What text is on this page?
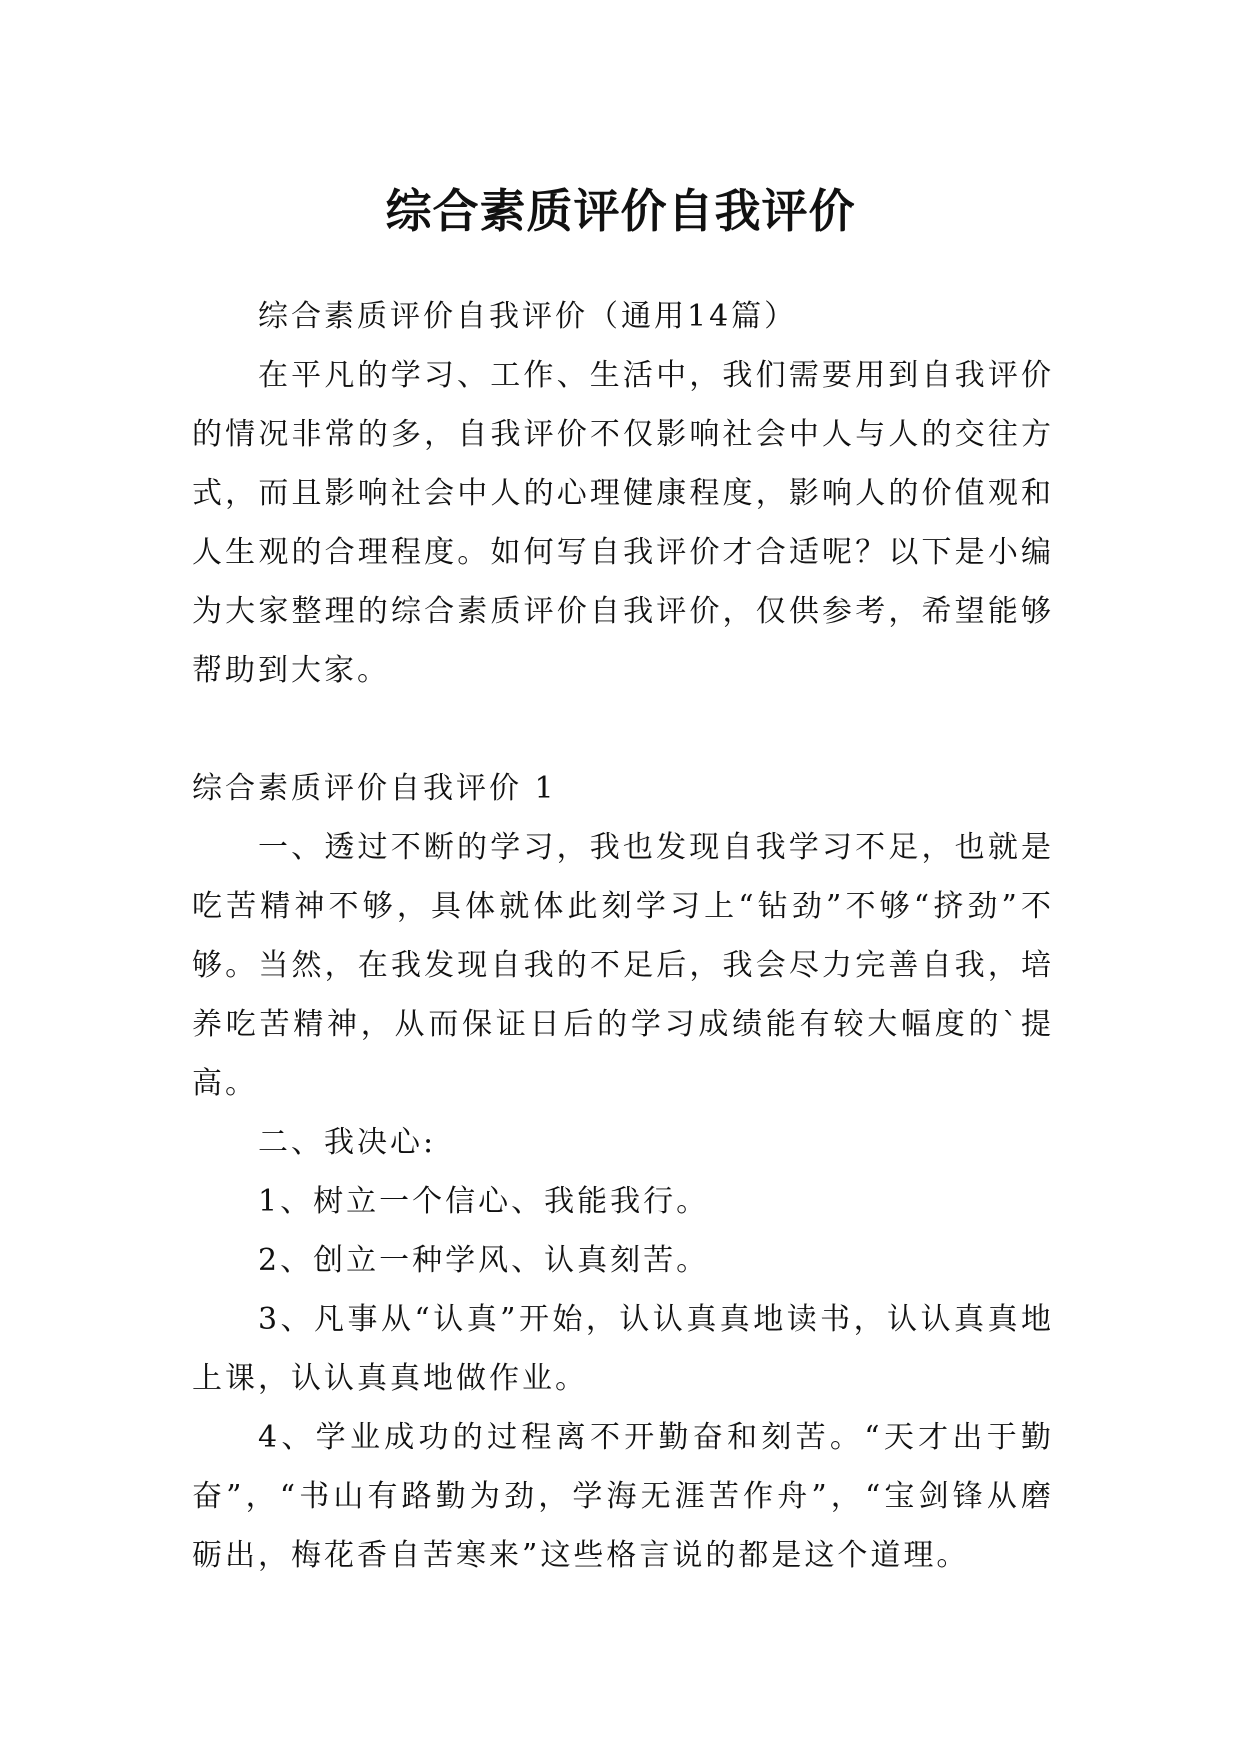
综合素质评价自我评价

综合素质评价自我评价（通用14篇）

在平凡的学习、工作、生活中，我们需要用到自我评价的情况非常的多，自我评价不仅影响社会中人与人的交往方式，而且影响社会中人的心理健康程度，影响人的价值观和人生观的合理程度。如何写自我评价才合适呢？以下是小编为大家整理的综合素质评价自我评价，仅供参考，希望能够帮助到大家。

综合素质评价自我评价 1

一、透过不断的学习，我也发现自我学习不足，也就是吃苦精神不够，具体就体此刻学习上“钻劲”不够“挤劲”不够。当然，在我发现自我的不足后，我会尽力完善自我，培养吃苦精神，从而保证日后的学习成绩能有较大幅度的`提高。

二、我决心:

1、树立一个信心、我能我行。

2、创立一种学风、认真刻苦。

3、凡事从“认真”开始，认认真真地读书，认认真真地上课，认认真真地做作业。

4、学业成功的过程离不开勤奋和刻苦。“天才出于勤奋”，“书山有路勤为劲，学海无涯苦作舟”，“宝剑锋从磨砺出，梅花香自苦寒来”这些格言说的都是这个道理。
